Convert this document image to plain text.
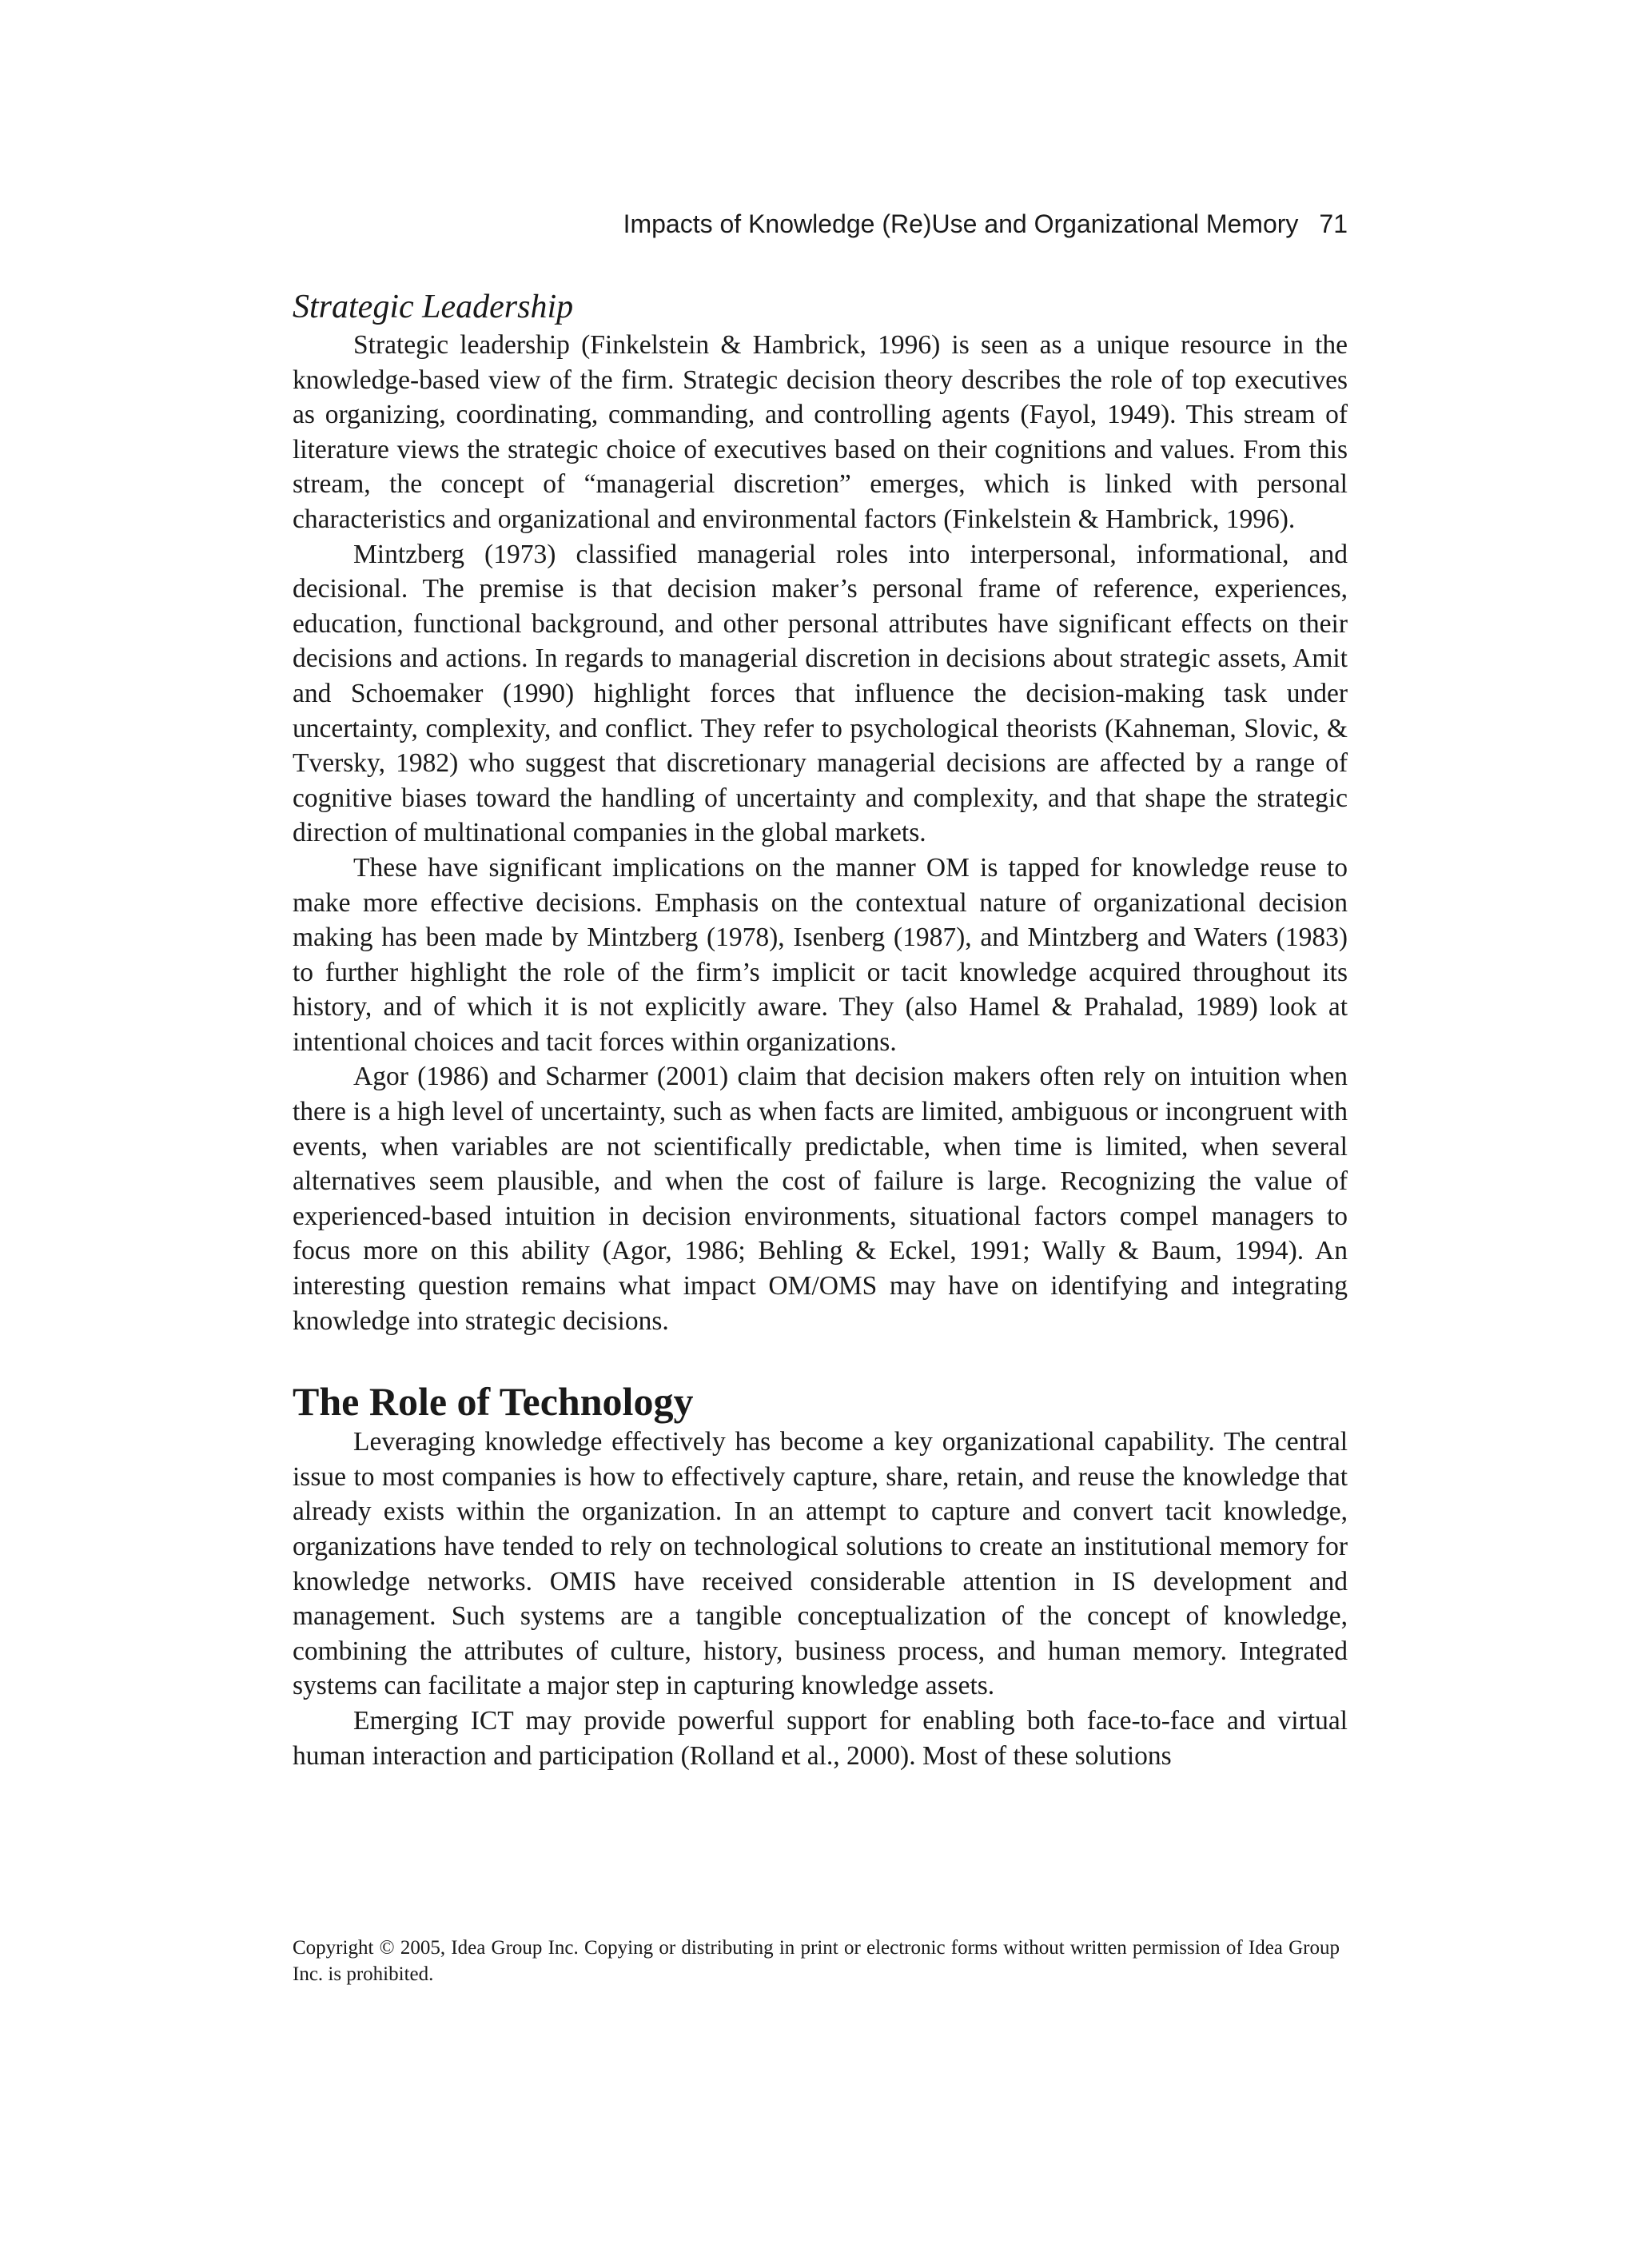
Impacts of Knowledge (Re)Use and Organizational Memory 71
Strategic Leadership

Strategic leadership (Finkelstein & Hambrick, 1996) is seen as a unique resource in the knowledge-based view of the firm. Strategic decision theory describes the role of top executives as organizing, coordinating, commanding, and controlling agents (Fayol, 1949). This stream of literature views the strategic choice of executives based on their cognitions and values. From this stream, the concept of “managerial discretion” emerges, which is linked with personal characteristics and organizational and environmental factors (Finkelstein & Hambrick, 1996).

Mintzberg (1973) classified managerial roles into interpersonal, informational, and decisional. The premise is that decision maker’s personal frame of reference, experiences, education, functional background, and other personal attributes have significant effects on their decisions and actions. In regards to managerial discretion in decisions about strategic assets, Amit and Schoemaker (1990) highlight forces that influence the decision-making task under uncertainty, complexity, and conflict. They refer to psychological theorists (Kahneman, Slovic, & Tversky, 1982) who suggest that discretionary managerial decisions are affected by a range of cognitive biases toward the handling of uncertainty and complexity, and that shape the strategic direction of multinational companies in the global markets.

These have significant implications on the manner OM is tapped for knowledge reuse to make more effective decisions. Emphasis on the contextual nature of organizational decision making has been made by Mintzberg (1978), Isenberg (1987), and Mintzberg and Waters (1983) to further highlight the role of the firm’s implicit or tacit knowledge acquired throughout its history, and of which it is not explicitly aware. They (also Hamel & Prahalad, 1989) look at intentional choices and tacit forces within organizations.

Agor (1986) and Scharmer (2001) claim that decision makers often rely on intuition when there is a high level of uncertainty, such as when facts are limited, ambiguous or incongruent with events, when variables are not scientifically predictable, when time is limited, when several alternatives seem plausible, and when the cost of failure is large. Recognizing the value of experienced-based intuition in decision environments, situational factors compel managers to focus more on this ability (Agor, 1986; Behling & Eckel, 1991; Wally & Baum, 1994). An interesting question remains what impact OM/OMS may have on identifying and integrating knowledge into strategic decisions.

The Role of Technology

Leveraging knowledge effectively has become a key organizational capability. The central issue to most companies is how to effectively capture, share, retain, and reuse the knowledge that already exists within the organization. In an attempt to capture and convert tacit knowledge, organizations have tended to rely on technological solutions to create an institutional memory for knowledge networks. OMIS have received considerable attention in IS development and management. Such systems are a tangible conceptualization of the concept of knowledge, combining the attributes of culture, history, business process, and human memory. Integrated systems can facilitate a major step in capturing knowledge assets.

Emerging ICT may provide powerful support for enabling both face-to-face and virtual human interaction and participation (Rolland et al., 2000). Most of these solutions

Copyright © 2005, Idea Group Inc. Copying or distributing in print or electronic forms without written permission of Idea Group Inc. is prohibited.
